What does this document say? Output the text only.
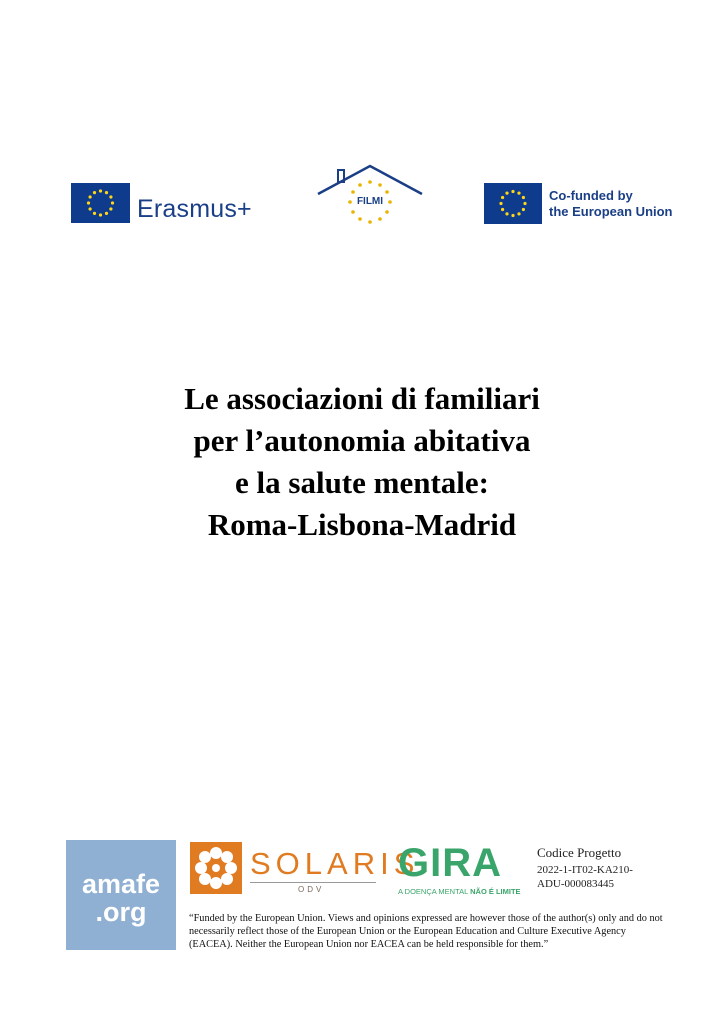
Erasmus+	FILMI	Co-funded by
the European Union
Le associazioni di familiari
per l’autonomia abitativa
e la salute mentale:
Roma-Lisbona-Madrid
amafe
.org
SOLARIS
ODV
GIRA
A DOENÇA MENTAL NÃO É LIMITE
Codice Progetto
2022-1-IT02-KA210-
ADU-000083445
“Funded by the European Union. Views and opinions expressed are however those of the author(s) only and do not necessarily reflect those of the European Union or the European Education and Culture Executive Agency (EACEA). Neither the European Union nor EACEA can be held responsible for them.”
